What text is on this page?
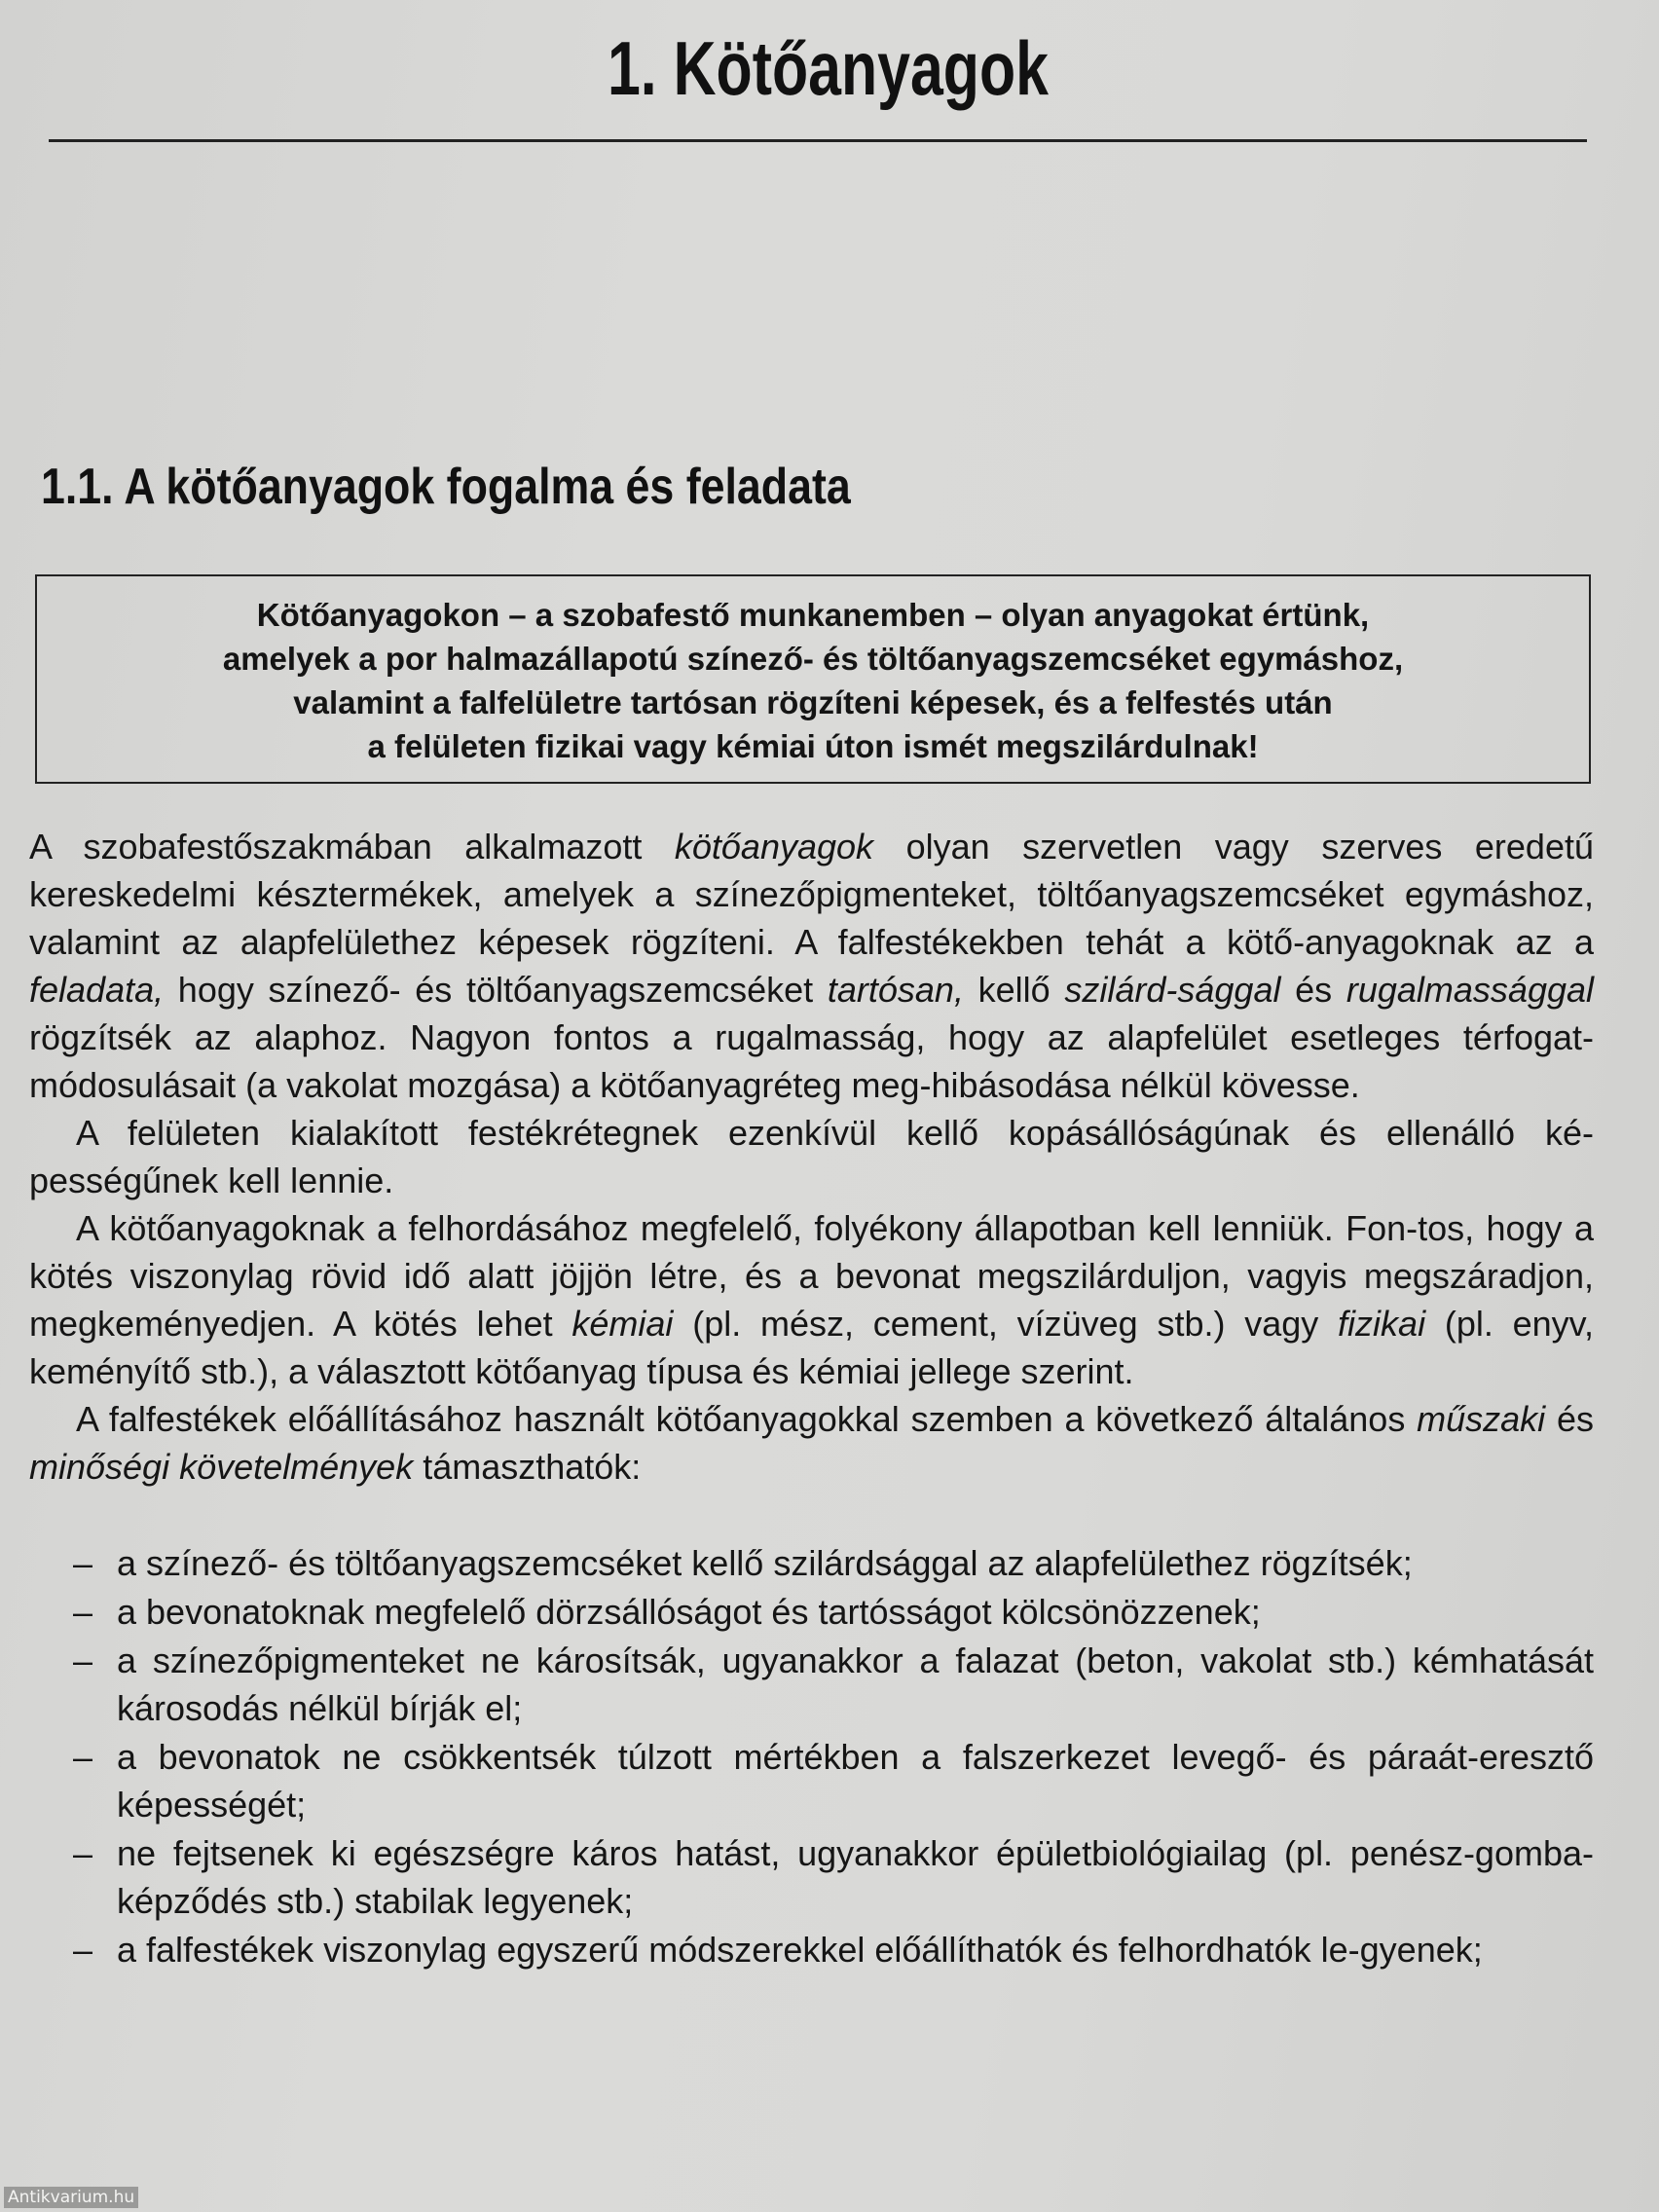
1. Kötőanyagok
1.1. A kötőanyagok fogalma és feladata

Kötőanyagokon – a szobafestő munkanemben – olyan anyagokat értünk,
amelyek a por halmazállapotú színező- és töltőanyagszemcséket egymáshoz,
valamint a falfelületre tartósan rögzíteni képesek, és a felfestés után
a felületen fizikai vagy kémiai úton ismét megszilárdulnak!

A szobafestőszakmában alkalmazott kötőanyagok olyan szervetlen vagy szerves eredetű kereskedelmi késztermékek, amelyek a színezőpigmenteket, töltőanyagszemcséket egymáshoz, valamint az alapfelülethez képesek rögzíteni. A falfestékekben tehát a kötő-anyagoknak az a feladata, hogy színező- és töltőanyagszemcséket tartósan, kellő szilárd-sággal és rugalmassággal rögzítsék az alaphoz. Nagyon fontos a rugalmasság, hogy az alapfelület esetleges térfogat-módosulásait (a vakolat mozgása) a kötőanyagréteg meg-hibásodása nélkül kövesse.

A felületen kialakított festékrétegnek ezenkívül kellő kopásállóságúnak és ellenálló ké-pességűnek kell lennie.

A kötőanyagoknak a felhordásához megfelelő, folyékony állapotban kell lenniük. Fon-tos, hogy a kötés viszonylag rövid idő alatt jöjjön létre, és a bevonat megszilárduljon, vagyis megszáradjon, megkeményedjen. A kötés lehet kémiai (pl. mész, cement, vízüveg stb.) vagy fizikai (pl. enyv, keményítő stb.), a választott kötőanyag típusa és kémiai jellege szerint.

A falfestékek előállításához használt kötőanyagokkal szemben a következő általános műszaki és minőségi követelmények támaszthatók:

– a színező- és töltőanyagszemcséket kellő szilárdsággal az alapfelülethez rögzítsék;
– a bevonatoknak megfelelő dörzsállóságot és tartósságot kölcsönözzenek;
– a színezőpigmenteket ne károsítsák, ugyanakkor a falazat (beton, vakolat stb.) kémhatását károsodás nélkül bírják el;
– a bevonatok ne csökkentsék túlzott mértékben a falszerkezet levegő- és páraát-eresztő képességét;
– ne fejtsenek ki egészségre káros hatást, ugyanakkor épületbiológiailag (pl. penész-gomba-képződés stb.) stabilak legyenek;
– a falfestékek viszonylag egyszerű módszerekkel előállíthatók és felhordhatók le-gyenek;
Antikvarium.hu
